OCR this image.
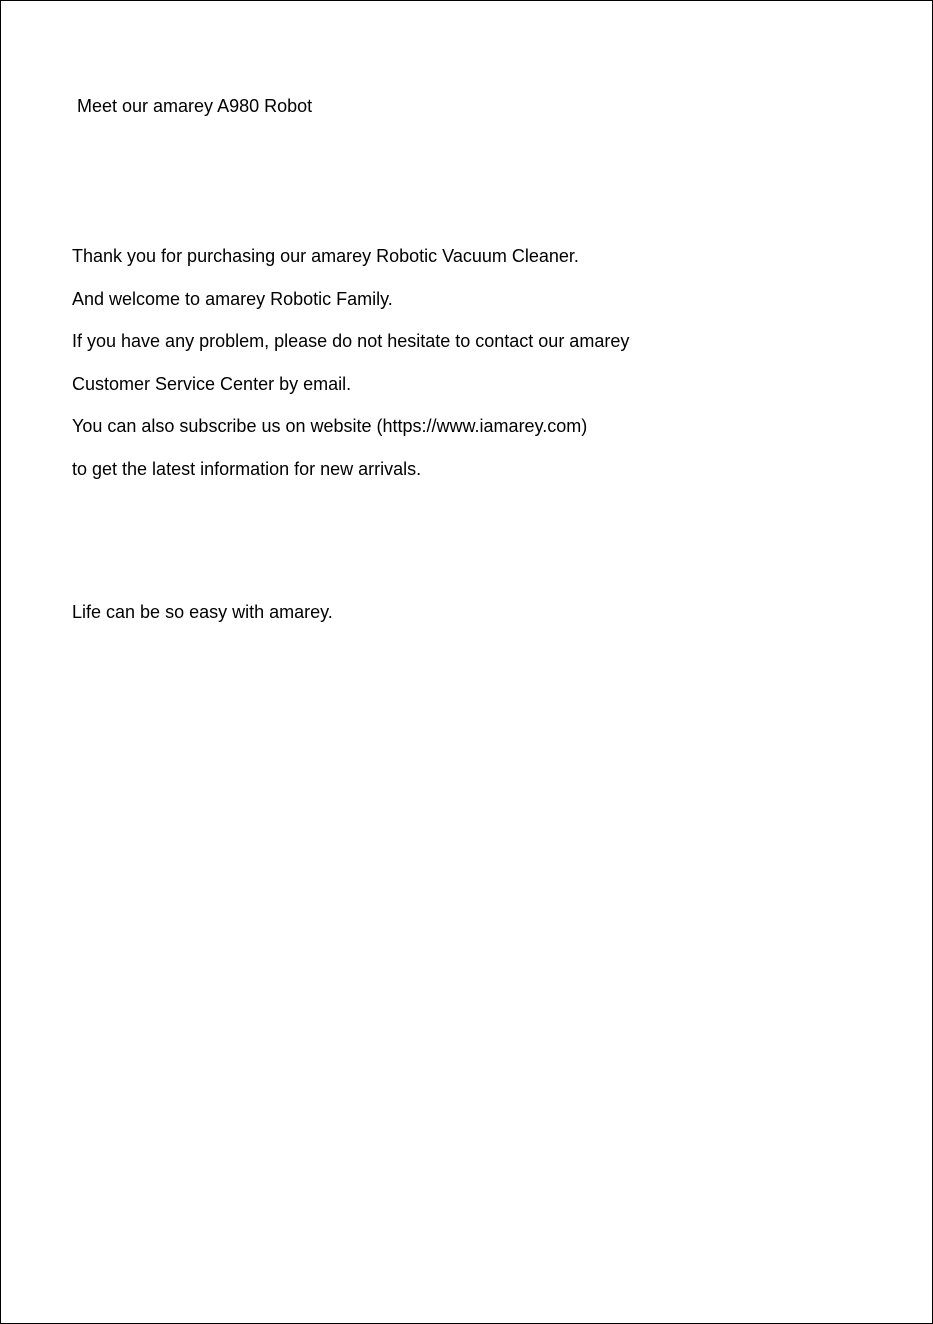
Meet our amarey A980 Robot
Thank you for purchasing our amarey Robotic Vacuum Cleaner.
And welcome to amarey Robotic Family.
If you have any problem, please do not hesitate to contact our amarey
Customer Service Center by email.
You can also subscribe us on website (https://www.iamarey.com)
to get the latest information for new arrivals.
Life can be so easy with amarey.
